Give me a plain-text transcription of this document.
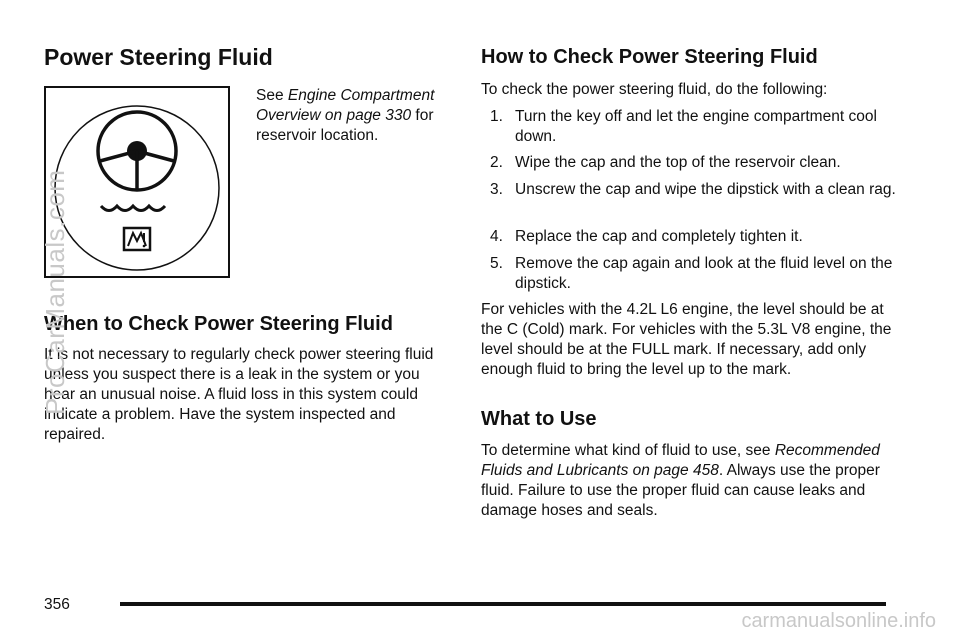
Power Steering Fluid

See Engine Compartment Overview on page 330 for reservoir location.

When to Check Power Steering Fluid

It is not necessary to regularly check power steering fluid unless you suspect there is a leak in the system or you hear an unusual noise. A fluid loss in this system could indicate a problem. Have the system inspected and repaired.

How to Check Power Steering Fluid

To check the power steering fluid, do the following:

1. Turn the key off and let the engine compartment cool down.
2. Wipe the cap and the top of the reservoir clean.
3. Unscrew the cap and wipe the dipstick with a clean rag.
4. Replace the cap and completely tighten it.
5. Remove the cap again and look at the fluid level on the dipstick.

For vehicles with the 4.2L L6 engine, the level should be at the C (Cold) mark. For vehicles with the 5.3L V8 engine, the level should be at the FULL mark. If necessary, add only enough fluid to bring the level up to the mark.

What to Use

To determine what kind of fluid to use, see Recommended Fluids and Lubricants on page 458. Always use the proper fluid. Failure to use the proper fluid can cause leaks and damage hoses and seals.

356
ProCarManuals.com
carmanualsonline.info
